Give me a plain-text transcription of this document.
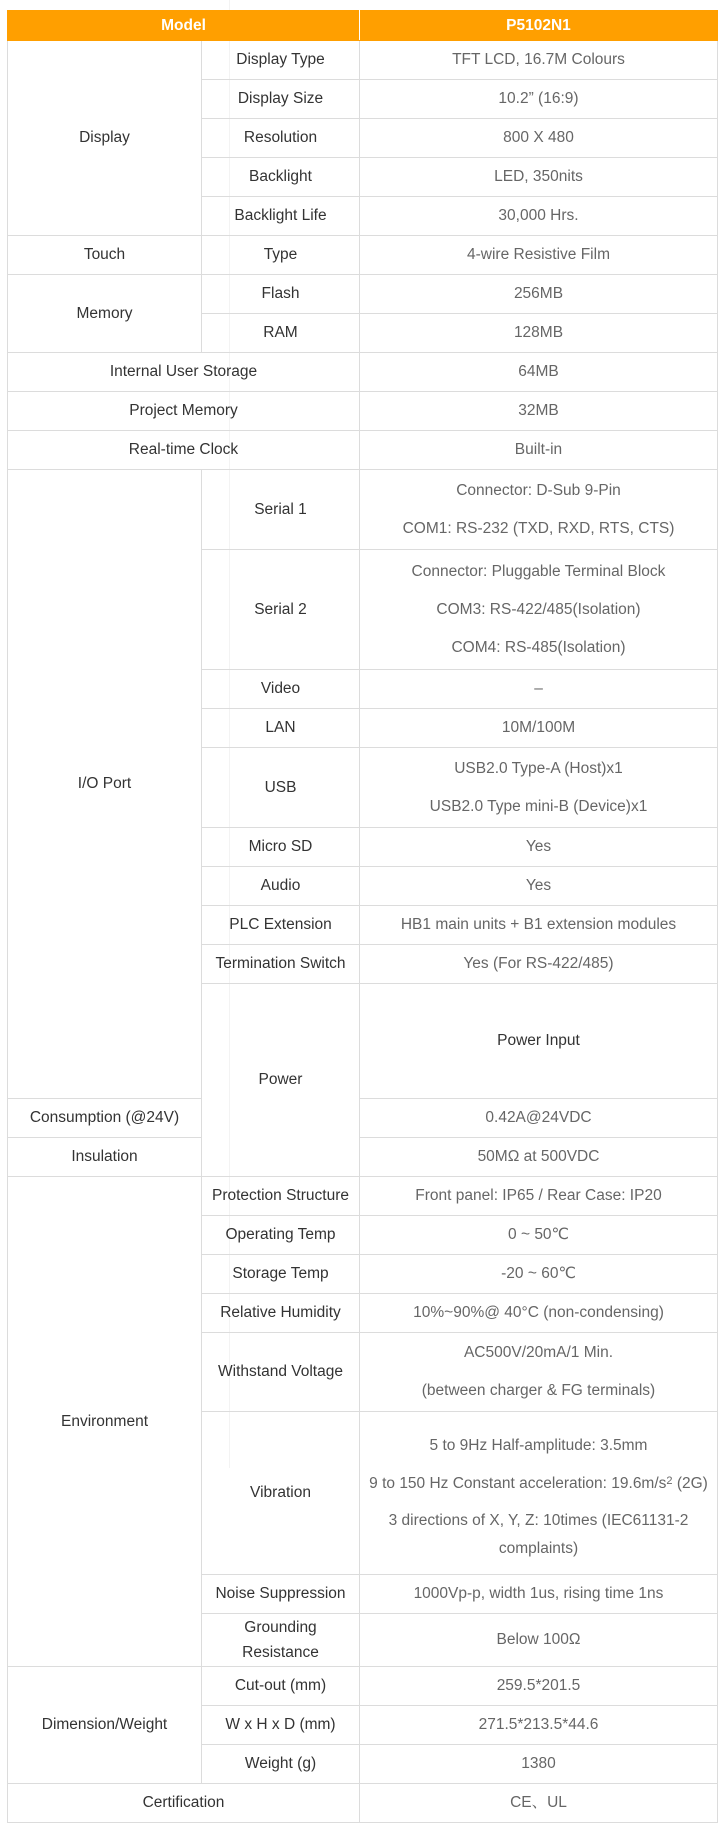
Model		P5102N1	
Display	Display Type	TFT LCD, 16.7M Colours	
	Display Size	10.2” (16:9)	
	Resolution	800 X 480	
	Backlight	LED, 350nits	
	Backlight Life	30,000 Hrs.	
Touch	Type	4-wire Resistive Film	
Memory	Flash	256MB	
	RAM	128MB	
Internal User Storage		64MB	
Project Memory		32MB	
Real-time Clock		Built-in	
I/O Port	Serial 1	Connector: D-Sub 9-Pin
COM1: RS-232 (TXD, RXD, RTS, CTS)	

	Serial 2	Connector: Pluggable Terminal Block
COM3: RS-422/485(Isolation)
COM4: RS-485(Isolation)	

	Video	–	
	LAN	10M/100M	
	USB	USB2.0 Type-A (Host)x1
USB2.0 Type mini-B (Device)x1	

	Micro SD	Yes	
	Audio	Yes	
	PLC Extension	HB1 main units + B1 extension modules	
	Termination Switch	Yes (For RS-422/485)	
	Power	Power Input	
Consumption (@24V)		0.42A@24VDC	
Insulation		50MΩ at 500VDC	
Environment	Protection Structure	Front panel: IP65 / Rear Case: IP20	
	Operating Temp	0 ~ 50℃	
	Storage Temp	-20 ~ 60℃	
	Relative Humidity	10%~90%@ 40°C (non-condensing)	
	Withstand Voltage	AC500V/20mA/1 Min.
(between charger & FG terminals)	

	Vibration	5 to 9Hz Half-amplitude: 3.5mm
9 to 150 Hz Constant acceleration: $19.6m/s^2$ (2G)
3 directions of X, Y, Z: 10times (IEC61131-2
complaints)	

	Noise Suppression	1000Vp-p, width 1us, rising time 1ns	

	Grounding
Resistance	Below 100Ω	
Dimension/Weight	Cut-out (mm)	259.5*201.5	
	W x H x D (mm)	271.5*213.5*44.6	
	Weight (g)	1380	
Certification		CE、UL	
